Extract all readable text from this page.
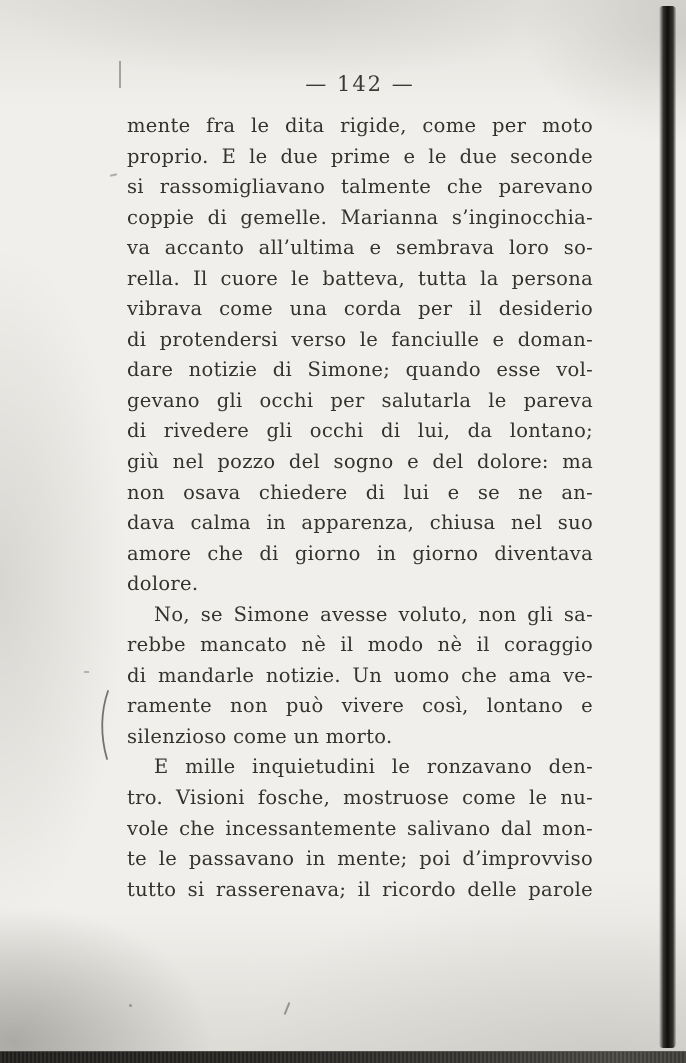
— 142 —
mente fra le dita rigide, come per moto
proprio. E le due prime e le due seconde
si rassomigliavano talmente che parevano
coppie di gemelle. Marianna s’inginocchia-
va accanto all’ultima e sembrava loro so-
rella. Il cuore le batteva, tutta la persona
vibrava come una corda per il desiderio
di protendersi verso le fanciulle e doman-
dare notizie di Simone; quando esse vol-
gevano gli occhi per salutarla le pareva
di rivedere gli occhi di lui, da lontano;
giù nel pozzo del sogno e del dolore: ma
non osava chiedere di lui e se ne an-
dava calma in apparenza, chiusa nel suo
amore che di giorno in giorno diventava
dolore.
No, se Simone avesse voluto, non gli sa-
rebbe mancato nè il modo nè il coraggio
di mandarle notizie. Un uomo che ama ve-
ramente non può vivere così, lontano e
silenzioso come un morto.
E mille inquietudini le ronzavano den-
tro. Visioni fosche, mostruose come le nu-
vole che incessantemente salivano dal mon-
te le passavano in mente; poi d’improvviso
tutto si rasserenava; il ricordo delle parole
